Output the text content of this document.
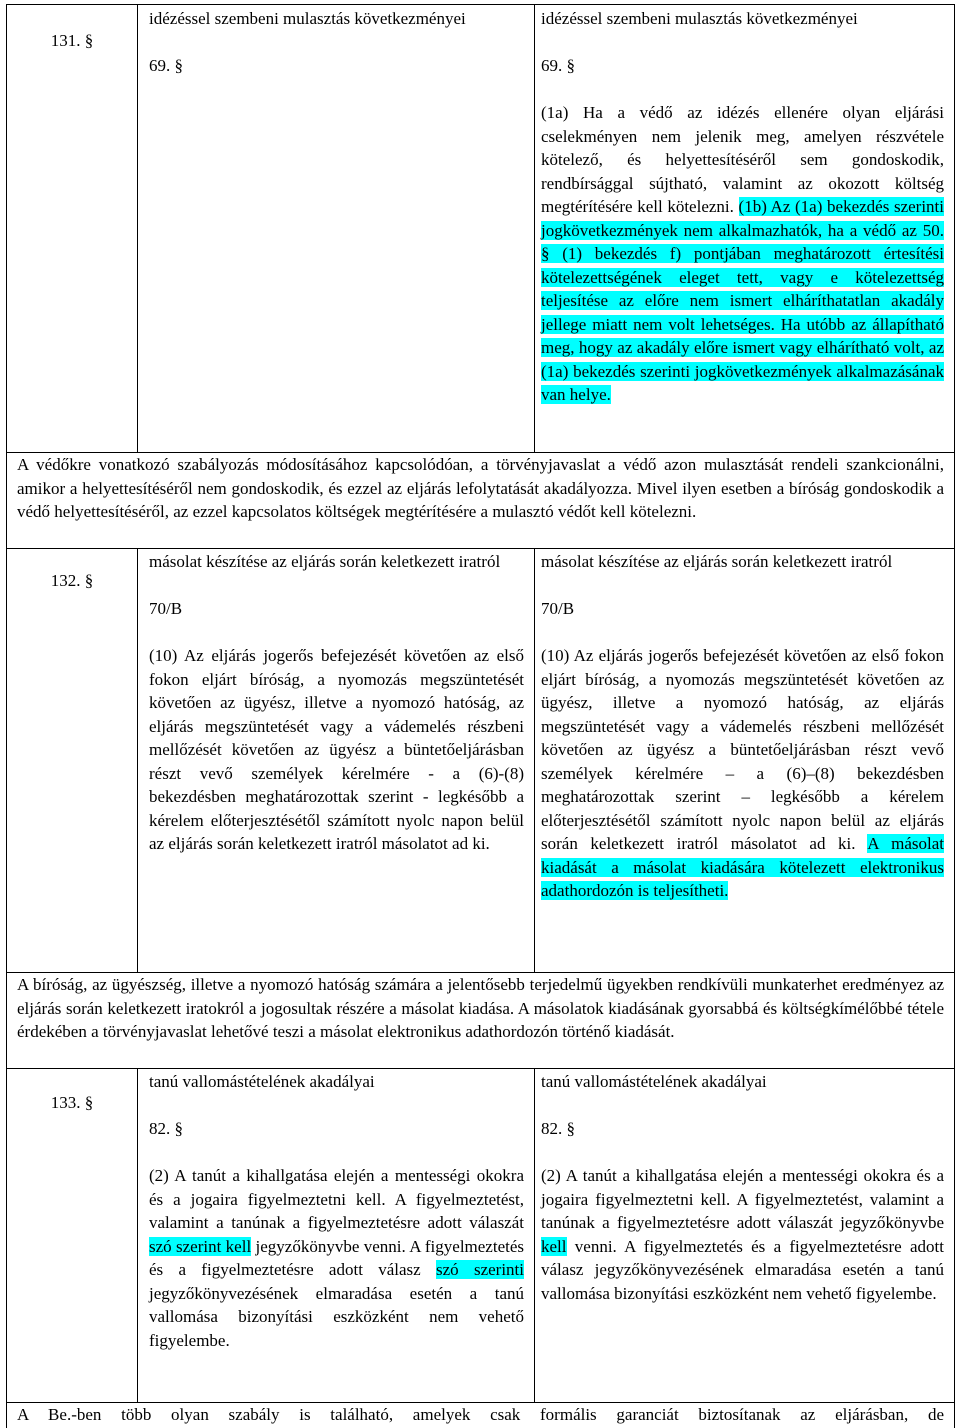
131. §

idézéssel szembeni mulasztás következményei

69. §

idézéssel szembeni mulasztás következményei

69. §

(1a) Ha a védő az idézés ellenére olyan eljárási cselekményen nem jelenik meg, amelyen részvétele kötelező, és helyettesítéséről sem gondoskodik, rendbírsággal sújtható, valamint az okozott költség megtérítésére kell kötelezni. (1b) Az (1a) bekezdés szerinti jogkövetkezmények nem alkalmazhatók, ha a védő az 50. § (1) bekezdés f) pontjában meghatározott értesítési kötelezettségének eleget tett, vagy e kötelezettség teljesítése az előre nem ismert elháríthatatlan akadály jellege miatt nem volt lehetséges. Ha utóbb az állapítható meg, hogy az akadály előre ismert vagy elhárítható volt, az (1a) bekezdés szerinti jogkövetkezmények alkalmazásának van helye.

A védőkre vonatkozó szabályozás módosításához kapcsolódóan, a törvényjavaslat a védő azon mulasztását rendeli szankcionálni, amikor a helyettesítéséről nem gondoskodik, és ezzel az eljárás lefolytatását akadályozza. Mivel ilyen esetben a bíróság gondoskodik a védő helyettesítéséről, az ezzel kapcsolatos költségek megtérítésére a mulasztó védőt kell kötelezni.
132. §

másolat készítése az eljárás során keletkezett iratról

70/B

(10) Az eljárás jogerős befejezését követően az első fokon eljárt bíróság, a nyomozás megszüntetését követően az ügyész, illetve a nyomozó hatóság, az eljárás megszüntetését vagy a vádemelés részbeni mellőzését követően az ügyész a büntetőeljárásban részt vevő személyek kérelmére - a (6)-(8) bekezdésben meghatározottak szerint - legkésőbb a kérelem előterjesztésétől számított nyolc napon belül az eljárás során keletkezett iratról másolatot ad ki.

másolat készítése az eljárás során keletkezett iratról

70/B

(10) Az eljárás jogerős befejezését követően az első fokon eljárt bíróság, a nyomozás megszüntetését követően az ügyész, illetve a nyomozó hatóság, az eljárás megszüntetését vagy a vádemelés részbeni mellőzését követően az ügyész a büntetőeljárásban részt vevő személyek kérelmére – a (6)–(8) bekezdésben meghatározottak szerint – legkésőbb a kérelem előterjesztésétől számított nyolc napon belül az eljárás során keletkezett iratról másolatot ad ki. A másolat kiadását a másolat kiadására kötelezett elektronikus adathordozón is teljesítheti.

A bíróság, az ügyészség, illetve a nyomozó hatóság számára a jelentősebb terjedelmű ügyekben rendkívüli munkaterhet eredményez az eljárás során keletkezett iratokról a jogosultak részére a másolat kiadása. A másolatok kiadásának gyorsabbá és költségkímélőbbé tétele érdekében a törvényjavaslat lehetővé teszi a másolat elektronikus adathordozón történő kiadását.
133. §

tanú vallomástételének akadályai

82. §

(2) A tanút a kihallgatása elején a mentességi okokra és a jogaira figyelmeztetni kell. A figyelmeztetést, valamint a tanúnak a figyelmeztetésre adott válaszát szó szerint kell jegyzőkönyvbe venni. A figyelmeztetés és a figyelmeztetésre adott válasz szó szerinti jegyzőkönyvezésének elmaradása esetén a tanú vallomása bizonyítási eszközként nem vehető figyelembe.

tanú vallomástételének akadályai

82. §

(2) A tanút a kihallgatása elején a mentességi okokra és a jogaira figyelmeztetni kell. A figyelmeztetést, valamint a tanúnak a figyelmeztetésre adott válaszát jegyzőkönyvbe kell venni. A figyelmeztetés és a figyelmeztetésre adott válasz jegyzőkönyvezésének elmaradása esetén a tanú vallomása bizonyítási eszközként nem vehető figyelembe.

A Be.-ben több olyan szabály is található, amelyek csak formális garanciát biztosítanak az eljárásban, de
